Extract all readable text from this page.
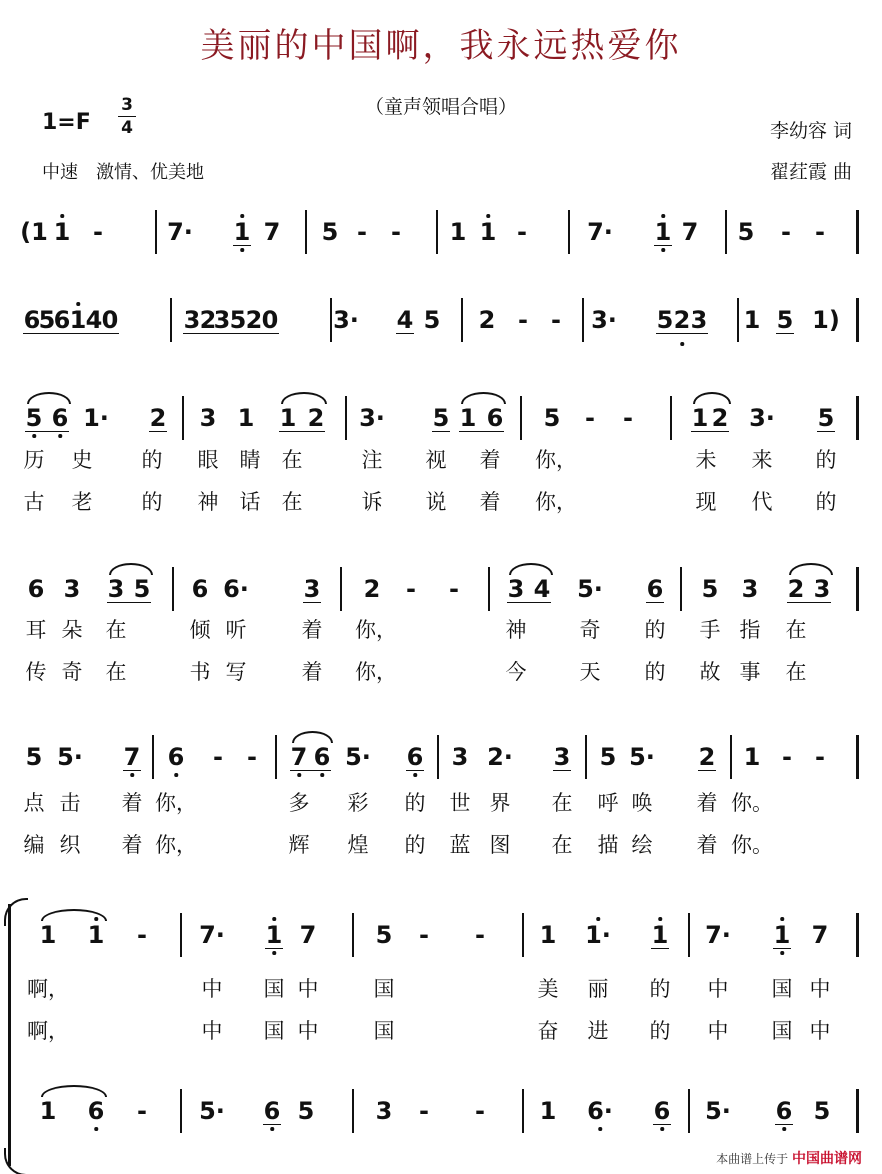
美丽的中国啊，我永远热爱你
（童声领唱合唱）
1=F
3
4
中速　激情、优美地
李幼容 词
翟荭霞 曲
(1 1 -	7· 1 7 5 - - 1 1 -	7· 1 7 5 - -
6
5
6 1 4 0	3 2
3 5 2 0 3· 4 5 2 - - 3· 5 2 3 1 5 1)
5 6 1· 2 3 1 1 2 3· 5 1 6 5 - - 1 2 3· 5
6 3 3 5 6 6· 3 2 - - 3 4 5· 6 5 3 2 3
5 5· 7 6 - - 7 6 5· 6 3 2· 3 5 5· 2 1 - -
1 1 - 7· 1 7 5 - - 1 1· 1 7· 1 7
1 6 - 5· 6 5	3 - - 1 6· 6 5· 6 5
历 史 的 眼 睛 在	注 视 着 你，	未 来 的
古 老 的 神 话 在	诉 说 着 你，	现 代 的
耳 朵 在	倾 听	着 你，	神	奇 的 手 指 在
传 奇 在	书 写	着 你，	今	天 的 故 事 在
点 击 着 你，	多 彩 的 世 界 在 呼 唤 着 你。
编 织 着 你，	辉 煌 的 蓝 图 在 描 绘 着 你。
啊，	中 国 中	国	美 丽 的 中 国 中
啊，	中 国 中	国	奋 进 的 中 国 中
本曲谱上传于 中国曲谱网
